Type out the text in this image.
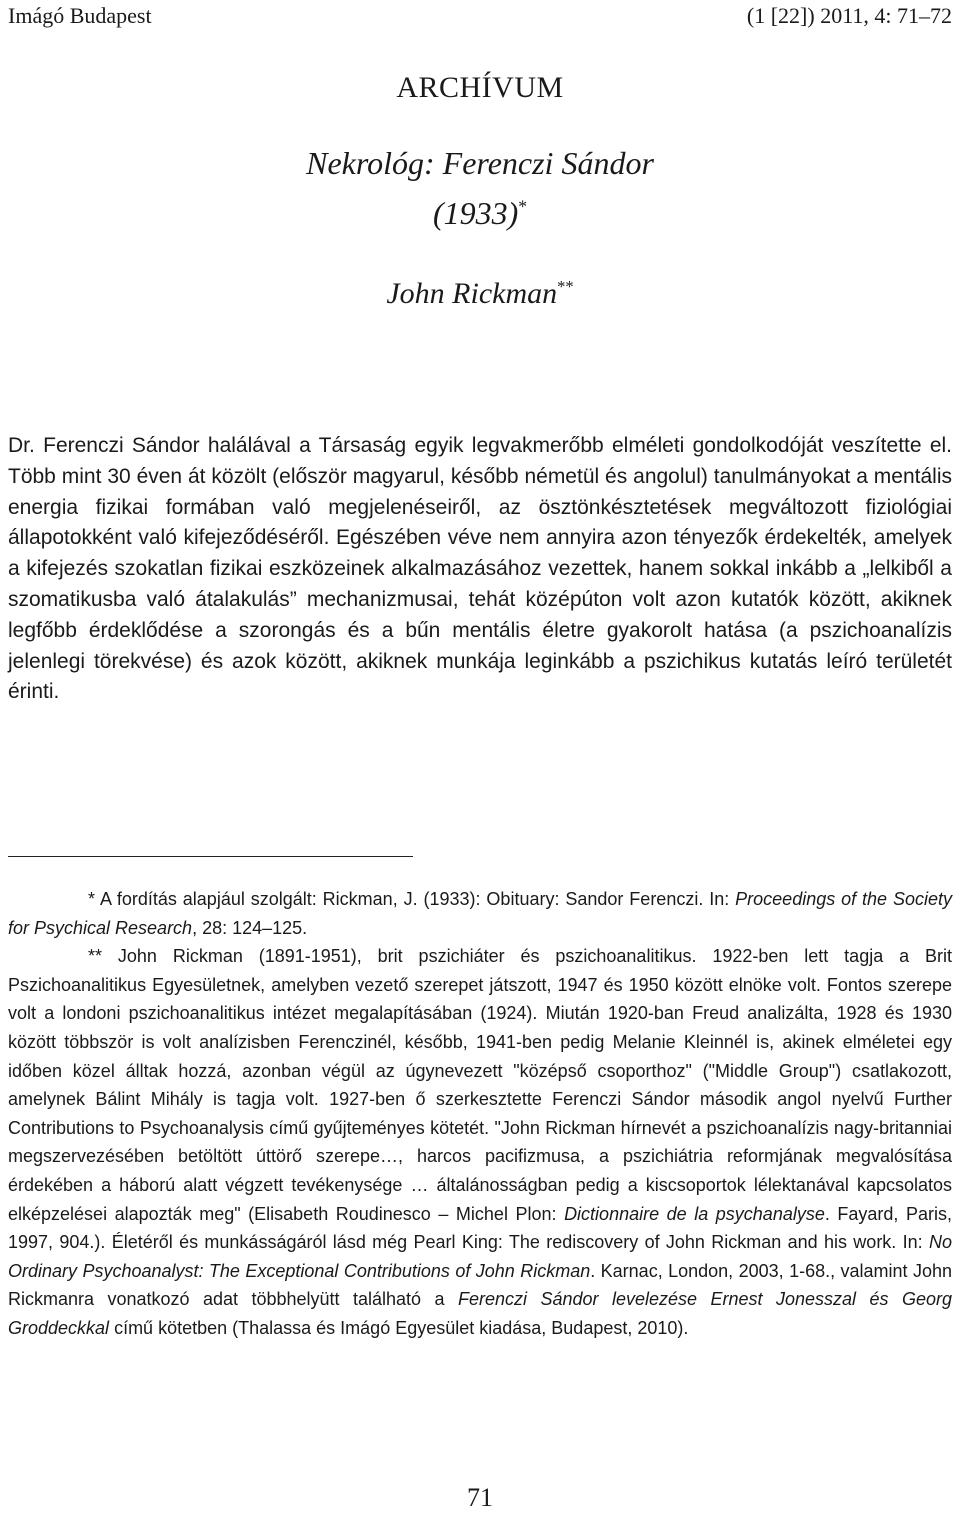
Imágó Budapest	(1 [22]) 2011, 4: 71–72
ARCHÍVUM
Nekrológ: Ferenczi Sándor
(1933)*
John Rickman**
Dr. Ferenczi Sándor halálával a Társaság egyik legvakmerőbb elméleti gondolkodóját veszítette el. Több mint 30 éven át közölt (először magyarul, később németül és angolul) tanulmányokat a mentális energia fizikai formában való megjelenéseiről, az ösztönkésztetések megváltozott fiziológiai állapotokként való kifejeződéséről. Egészében véve nem annyira azon tényezők érdekelték, amelyek a kifejezés szokatlan fizikai eszközeinek alkalmazásához vezettek, hanem sokkal inkább a „lelkiből a szomatikusba való átalakulás” mechanizmusai, tehát középúton volt azon kutatók között, akiknek legfőbb érdeklődése a szorongás és a bűn mentális életre gyakorolt hatása (a pszichoanalízis jelenlegi törekvése) és azok között, akiknek munkája leginkább a pszichikus kutatás leíró területét érinti.
* A fordítás alapjául szolgált: Rickman, J. (1933): Obituary: Sandor Ferenczi. In: Proceedings of the Society for Psychical Research, 28: 124–125.
** John Rickman (1891-1951), brit pszichiáter és pszichoanalitikus. 1922-ben lett tagja a Brit Pszichoanalitikus Egyesületnek, amelyben vezető szerepet játszott, 1947 és 1950 között elnöke volt. Fontos szerepe volt a londoni pszichoanalitikus intézet megalapításában (1924). Miután 1920-ban Freud analizálta, 1928 és 1930 között többször is volt analízisben Ferenczinél, később, 1941-ben pedig Melanie Kleinnél is, akinek elméletei egy időben közel álltak hozzá, azonban végül az úgynevezett "középső csoporthoz" ("Middle Group") csatlakozott, amelynek Bálint Mihály is tagja volt. 1927-ben ő szerkesztette Ferenczi Sándor második angol nyelvű Further Contributions to Psychoanalysis című gyűjteményes kötetét. "John Rickman hírnevét a pszichoanalízis nagy-britanniai megszervezésében betöltött úttörő szerepe…, harcos pacifizmusa, a pszichiátria reformjának megvalósítása érdekében a háború alatt végzett tevékenysége … általánosságban pedig a kiscsoportok lélektanával kapcsolatos elképzelései alapozták meg" (Elisabeth Roudinesco – Michel Plon: Dictionnaire de la psychanalyse. Fayard, Paris, 1997, 904.). Életéről és munkásságáról lásd még Pearl King: The rediscovery of John Rickman and his work. In: No Ordinary Psychoanalyst: The Exceptional Contributions of John Rickman. Karnac, London, 2003, 1-68., valamint John Rickmanra vonatkozó adat többhelyütt található a Ferenczi Sándor levelezése Ernest Jonesszal és Georg Groddeckkal című kötetben (Thalassa és Imágó Egyesület kiadása, Budapest, 2010).
71
